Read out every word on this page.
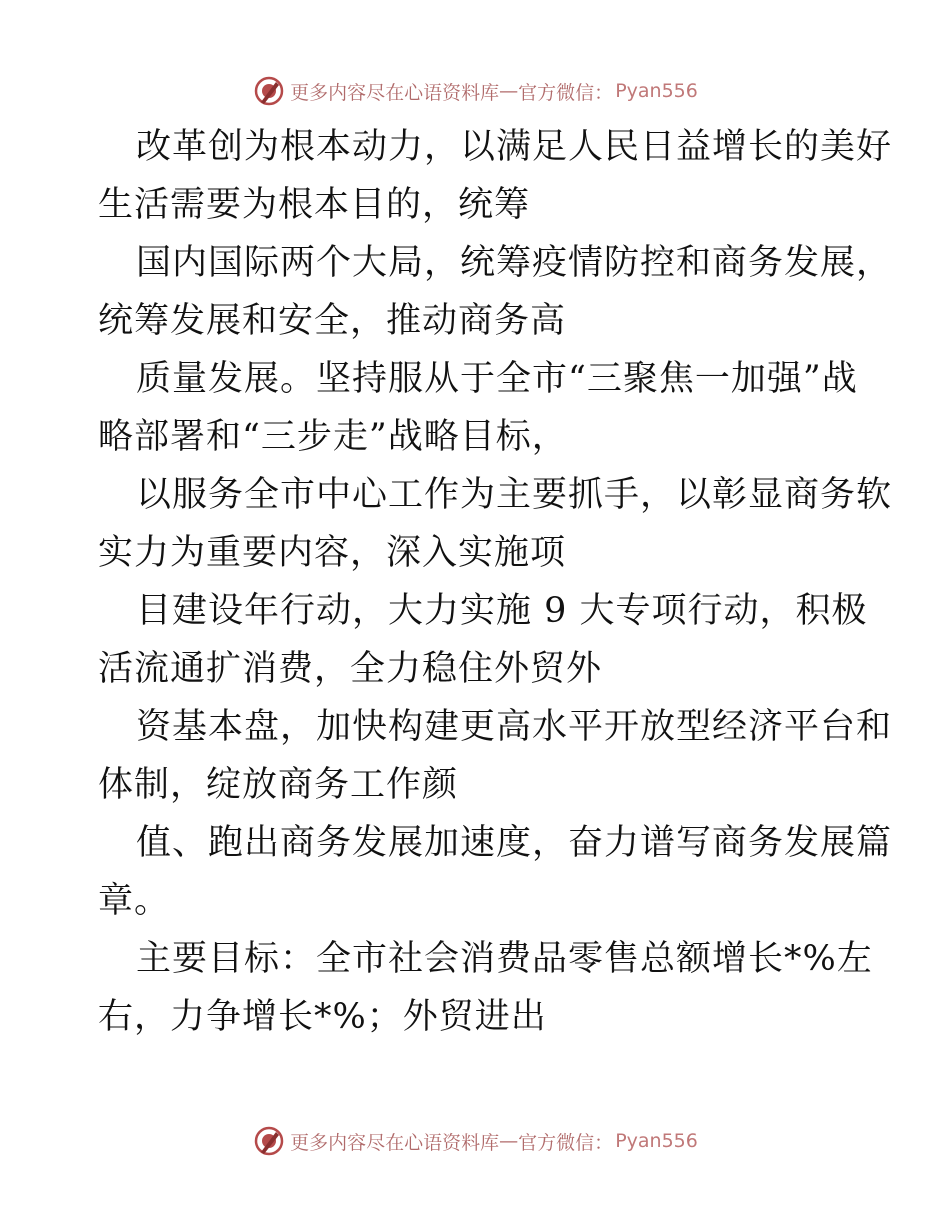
更多内容尽在心语资料库 — 官方微信： Pyan556

改革创为根本动力，以满足人民日益增长的美好
生活需要为根本目的，统筹

国内国际两个大局，统筹疫情防控和商务发展，
统筹发展和安全，推动商务高

质量发展。坚持服从于全市“三聚焦一加强”战
略部署和“三步走”战略目标，

以服务全市中心工作为主要抓手，以彰显商务软
实力为重要内容，深入实施项

目建设年行动，大力实施 9 大专项行动，积极
活流通扩消费，全力稳住外贸外

资基本盘，加快构建更高水平开放型经济平台和
体制，绽放商务工作颜

值、跑出商务发展加速度，奋力谱写商务发展篇
章。

主要目标：全市社会消费品零售总额增长*%左
右，力争增长*%；外贸进出

更多内容尽在心语资料库 — 官方微信： Pyan556
